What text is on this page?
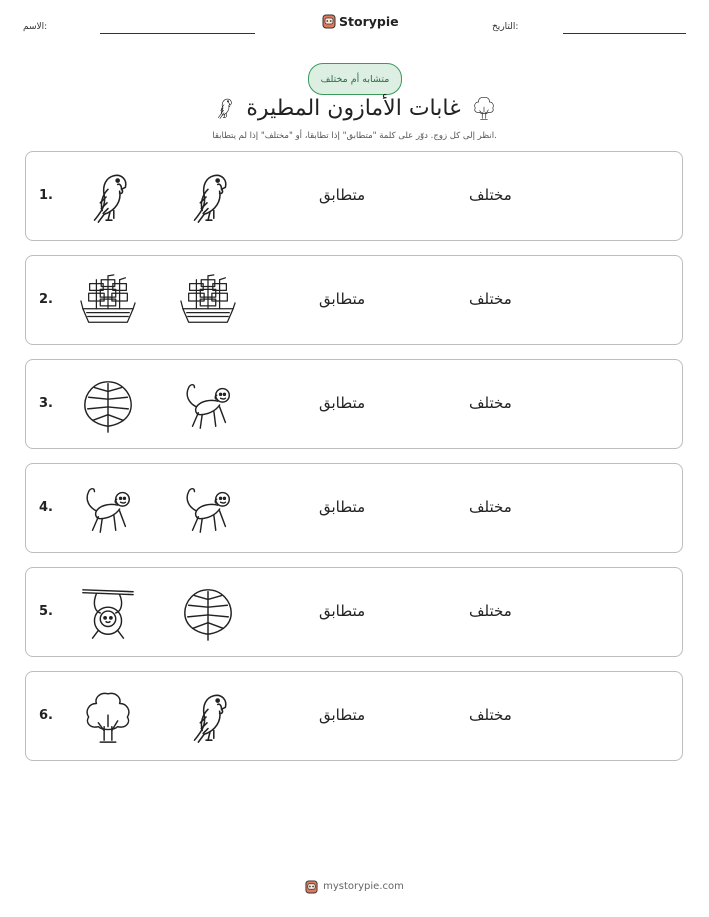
الاسم:	Storypie	التاريخ:
متشابه أم مختلف
غابات الأمازون المطيرة
انظر إلى كل زوج. دوّر على كلمة "متطابق" إذا تطابقا، أو "مختلف" إذا لم يتطابقا.
1.	متطابق	مختلف
2.	متطابق	مختلف
3.	متطابق	مختلف
4.	متطابق	مختلف
5.	متطابق	مختلف
6.	متطابق	مختلف
mystorypie.com
